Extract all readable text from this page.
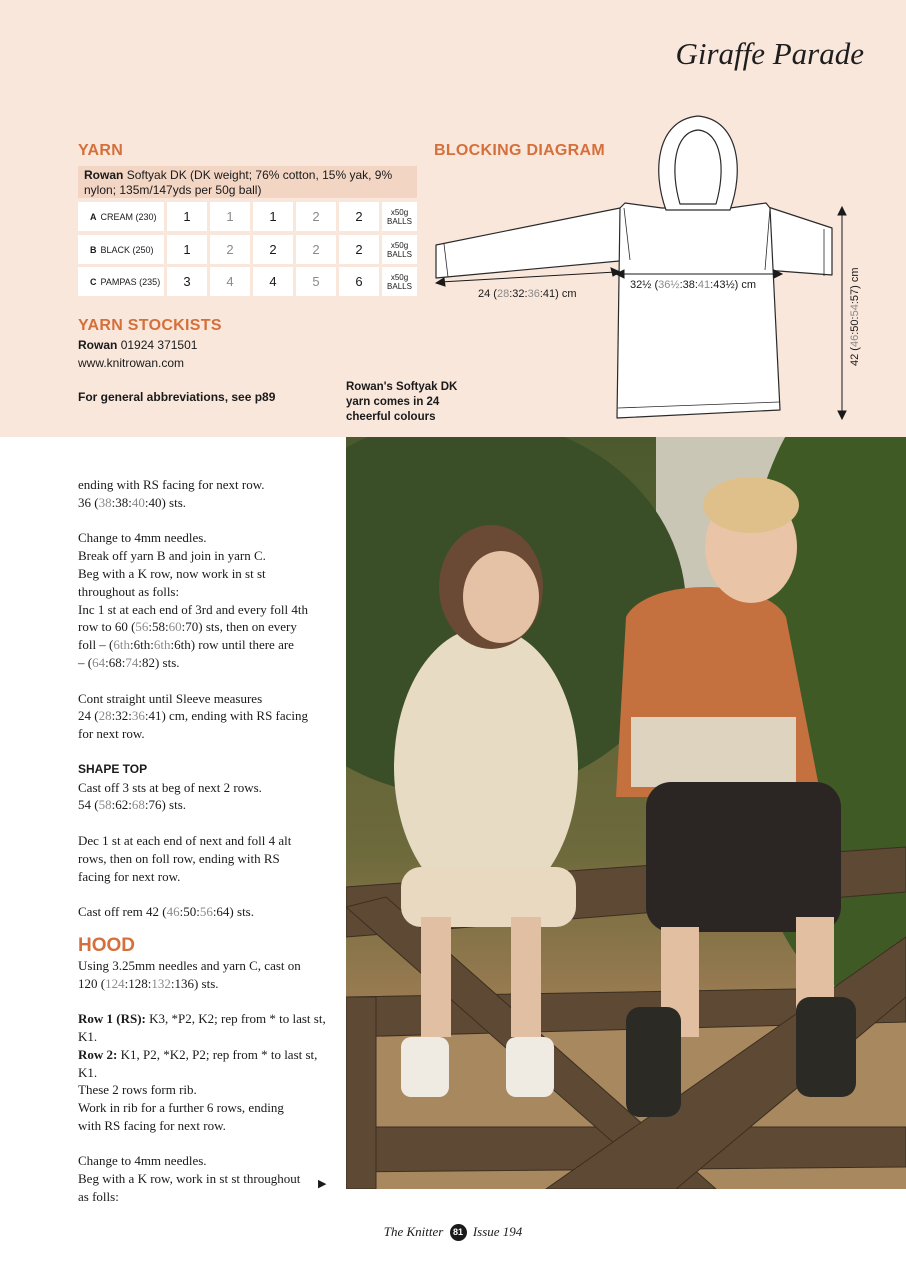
Giraffe Parade
YARN
Rowan Softyak DK (DK weight; 76% cotton, 15% yak, 9% nylon; 135m/147yds per 50g ball)
A CREAM (230)	1	1	1	2	2	x50g
BALLS
B BLACK (250)	1	2	2	2	2	x50g
BALLS
C PAMPAS (235)	3	4	4	5	6	x50g
BALLS
YARN STOCKISTS
Rowan 01924 371501
www.knitrowan.com
For general abbreviations, see p89
Rowan's Softyak DK
yarn comes in 24
cheerful colours
BLOCKING DIAGRAM
24 (28:32:36:41) cm
32½ (36½:38:41:43½) cm
42 (46:50:54:57) cm
ending with RS facing for next row.
36 (38:38:40:40) sts.
Change to 4mm needles.
Break off yarn B and join in yarn C.
Beg with a K row, now work in st st
throughout as folls:
Inc 1 st at each end of 3rd and every foll 4th
row to 60 (56:58:60:70) sts, then on every
foll – (6th:6th:6th:6th) row until there are
– (64:68:74:82) sts.
Cont straight until Sleeve measures
24 (28:32:36:41) cm, ending with RS facing
for next row.
SHAPE TOP
Cast off 3 sts at beg of next 2 rows.
54 (58:62:68:76) sts.
Dec 1 st at each end of next and foll 4 alt
rows, then on foll row, ending with RS
facing for next row.
Cast off rem 42 (46:50:56:64) sts.
HOOD
Using 3.25mm needles and yarn C, cast on
120 (124:128:132:136) sts.
Row 1 (RS): K3, *P2, K2; rep from * to last st,
K1.
Row 2: K1, P2, *K2, P2; rep from * to last st,
K1.
These 2 rows form rib.
Work in rib for a further 6 rows, ending
with RS facing for next row.
Change to 4mm needles.
Beg with a K row, work in st st throughout
as folls:
▶
The Knitter 81 Issue 194
